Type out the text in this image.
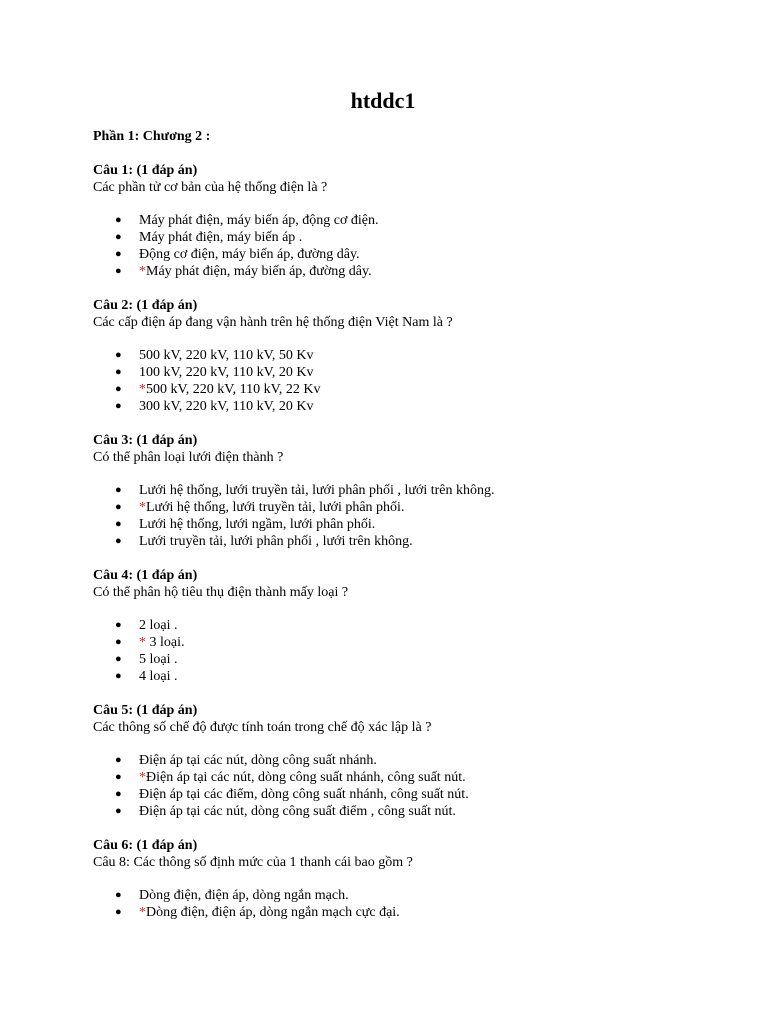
htddc1
Phần 1: Chương 2 :
Câu 1: (1 đáp án)
Các phần tử cơ bản của hệ thống điện là ?
● Máy phát điện, máy biến áp, động cơ điện.
● Máy phát điện, máy biến áp .
● Động cơ điện, máy biến áp, đường dây.
● *Máy phát điện, máy biến áp, đường dây.
Câu 2: (1 đáp án)
Các cấp điện áp đang vận hành trên hệ thống điện Việt Nam là ?
● 500 kV, 220 kV, 110 kV, 50 Kv
● 100 kV, 220 kV, 110 kV, 20 Kv
● *500 kV, 220 kV, 110 kV, 22 Kv
● 300 kV, 220 kV, 110 kV, 20 Kv
Câu 3: (1 đáp án)
Có thể phân loại lưới điện thành ?
● Lưới hệ thống, lưới truyền tải, lưới phân phối , lưới trên không.
● *Lưới hệ thống, lưới truyền tải, lưới phân phối.
● Lưới hệ thống, lưới ngầm, lưới phân phối.
● Lưới truyền tải, lưới phân phối , lưới trên không.
Câu 4: (1 đáp án)
Có thể phân hộ tiêu thụ điện thành mấy loại ?
● 2 loại .
● * 3 loại.
● 5 loại .
● 4 loại .
Câu 5: (1 đáp án)
Các thông số chế độ được tính toán trong chế độ xác lập là ?
● Điện áp tại các nút, dòng công suất nhánh.
● *Điện áp tại các nút, dòng công suất nhánh, công suất nút.
● Điện áp tại các điểm, dòng công suất nhánh, công suất nút.
● Điện áp tại các nút, dòng công suất điểm , công suất nút.
Câu 6: (1 đáp án)
Câu 8: Các thông số định mức của 1 thanh cái bao gồm ?
● Dòng điện, điện áp, dòng ngắn mạch.
● *Dòng điện, điện áp, dòng ngắn mạch cực đại.
